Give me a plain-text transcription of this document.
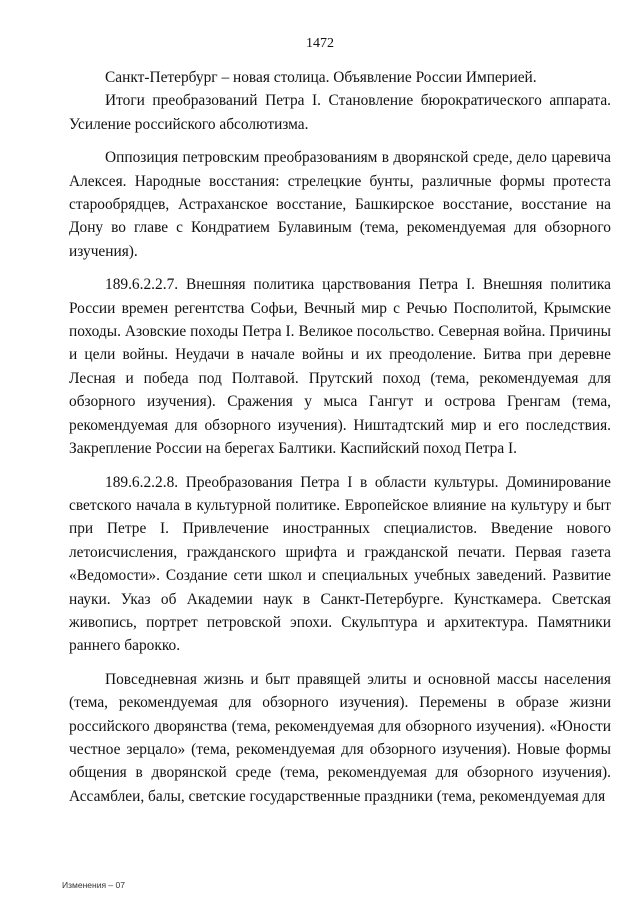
1472

Санкт-Петербург – новая столица. Объявление России Империей.

Итоги преобразований Петра I. Становление бюрократического аппарата. Усиление российского абсолютизма.

Оппозиция петровским преобразованиям в дворянской среде, дело царевича Алексея. Народные восстания: стрелецкие бунты, различные формы протеста старообрядцев, Астраханское восстание, Башкирское восстание, восстание на Дону во главе с Кондратием Булавиным (тема, рекомендуемая для обзорного изучения).

189.6.2.2.7. Внешняя политика царствования Петра I. Внешняя политика России времен регентства Софьи, Вечный мир с Речью Посполитой, Крымские походы. Азовские походы Петра I. Великое посольство. Северная война. Причины и цели войны. Неудачи в начале войны и их преодоление. Битва при деревне Лесная и победа под Полтавой. Прутский поход (тема, рекомендуемая для обзорного изучения). Сражения у мыса Гангут и острова Гренгам (тема, рекомендуемая для обзорного изучения). Ништадтский мир и его последствия. Закрепление России на берегах Балтики. Каспийский поход Петра I.

189.6.2.2.8. Преобразования Петра I в области культуры. Доминирование светского начала в культурной политике. Европейское влияние на культуру и быт при Петре I. Привлечение иностранных специалистов. Введение нового летоисчисления, гражданского шрифта и гражданской печати. Первая газета «Ведомости». Создание сети школ и специальных учебных заведений. Развитие науки. Указ об Академии наук в Санкт-Петербурге. Кунсткамера. Светская живопись, портрет петровской эпохи. Скульптура и архитектура. Памятники раннего барокко.

Повседневная жизнь и быт правящей элиты и основной массы населения (тема, рекомендуемая для обзорного изучения). Перемены в образе жизни российского дворянства (тема, рекомендуемая для обзорного изучения). «Юности честное зерцало» (тема, рекомендуемая для обзорного изучения). Новые формы общения в дворянской среде (тема, рекомендуемая для обзорного изучения). Ассамблеи, балы, светские государственные праздники (тема, рекомендуемая для

Изменения – 07
